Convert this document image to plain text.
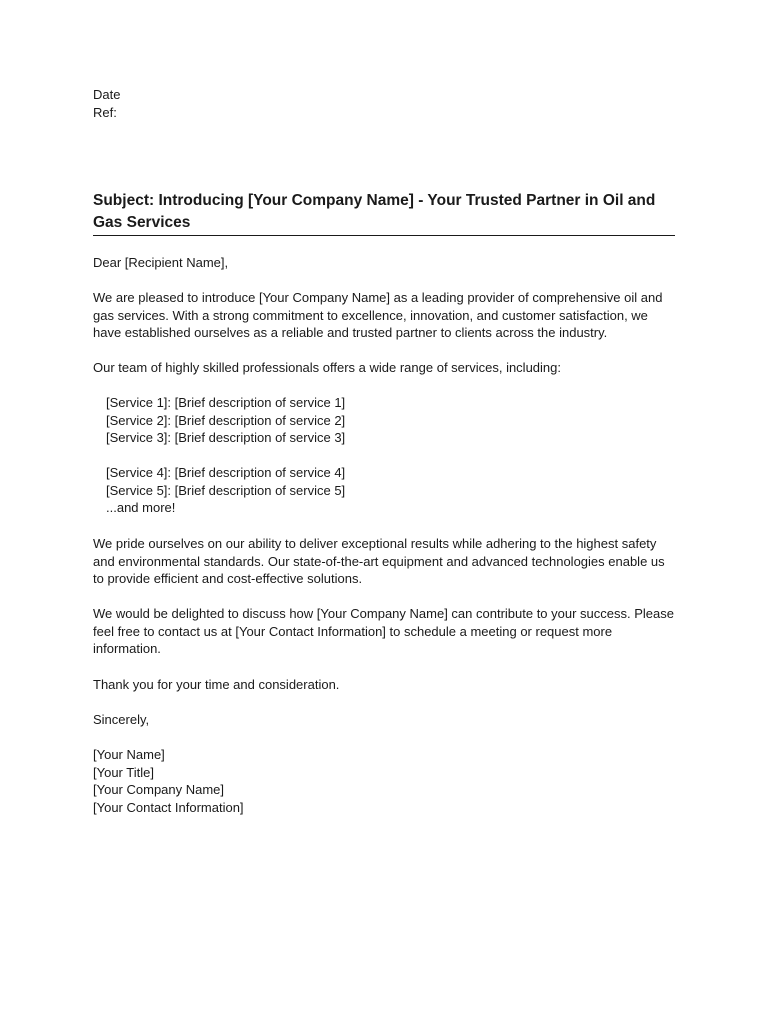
Date
Ref:
Subject: Introducing [Your Company Name] - Your Trusted Partner in Oil and
Gas Services
Dear [Recipient Name],
We are pleased to introduce [Your Company Name] as a leading provider of comprehensive oil and
gas services. With a strong commitment to excellence, innovation, and customer satisfaction, we
have established ourselves as a reliable and trusted partner to clients across the industry.
Our team of highly skilled professionals offers a wide range of services, including:
[Service 1]: [Brief description of service 1]
[Service 2]: [Brief description of service 2]
[Service 3]: [Brief description of service 3]
[Service 4]: [Brief description of service 4]
[Service 5]: [Brief description of service 5]
...and more!
We pride ourselves on our ability to deliver exceptional results while adhering to the highest safety
and environmental standards. Our state-of-the-art equipment and advanced technologies enable us
to provide efficient and cost-effective solutions.
We would be delighted to discuss how [Your Company Name] can contribute to your success. Please
feel free to contact us at [Your Contact Information] to schedule a meeting or request more
information.
Thank you for your time and consideration.
Sincerely,
[Your Name]
[Your Title]
[Your Company Name]
[Your Contact Information]
